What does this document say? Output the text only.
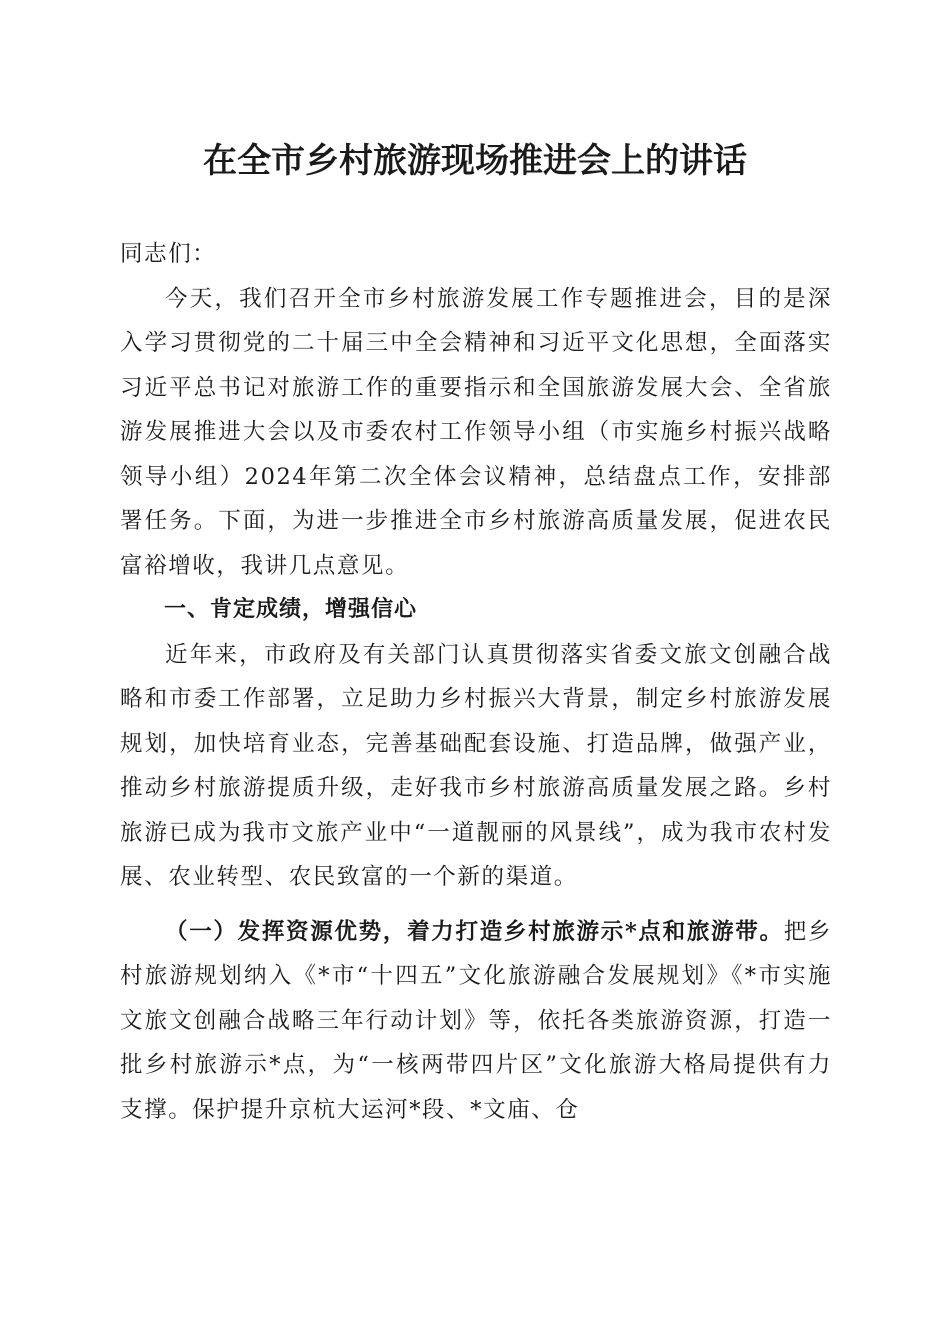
在全市乡村旅游现场推进会上的讲话

同志们：

今天，我们召开全市乡村旅游发展工作专题推进会，目的是深入学习贯彻党的二十届三中全会精神和习近平文化思想，全面落实习近平总书记对旅游工作的重要指示和全国旅游发展大会、全省旅游发展推进大会以及市委农村工作领导小组（市实施乡村振兴战略领导小组）2024年第二次全体会议精神，总结盘点工作，安排部署任务。下面，为进一步推进全市乡村旅游高质量发展，促进农民富裕增收，我讲几点意见。

一、肯定成绩，增强信心

近年来，市政府及有关部门认真贯彻落实省委文旅文创融合战略和市委工作部署，立足助力乡村振兴大背景，制定乡村旅游发展规划，加快培育业态，完善基础配套设施、打造品牌，做强产业，推动乡村旅游提质升级，走好我市乡村旅游高质量发展之路。乡村旅游已成为我市文旅产业中“一道靓丽的风景线”，成为我市农村发展、农业转型、农民致富的一个新的渠道。

（一）发挥资源优势，着力打造乡村旅游示*点和旅游带。把乡村旅游规划纳入《*市“十四五”文化旅游融合发展规划》《*市实施文旅文创融合战略三年行动计划》等，依托各类旅游资源，打造一批乡村旅游示*点，为“一核两带四片区”文化旅游大格局提供有力支撑。保护提升京杭大运河*段、*文庙、仓
